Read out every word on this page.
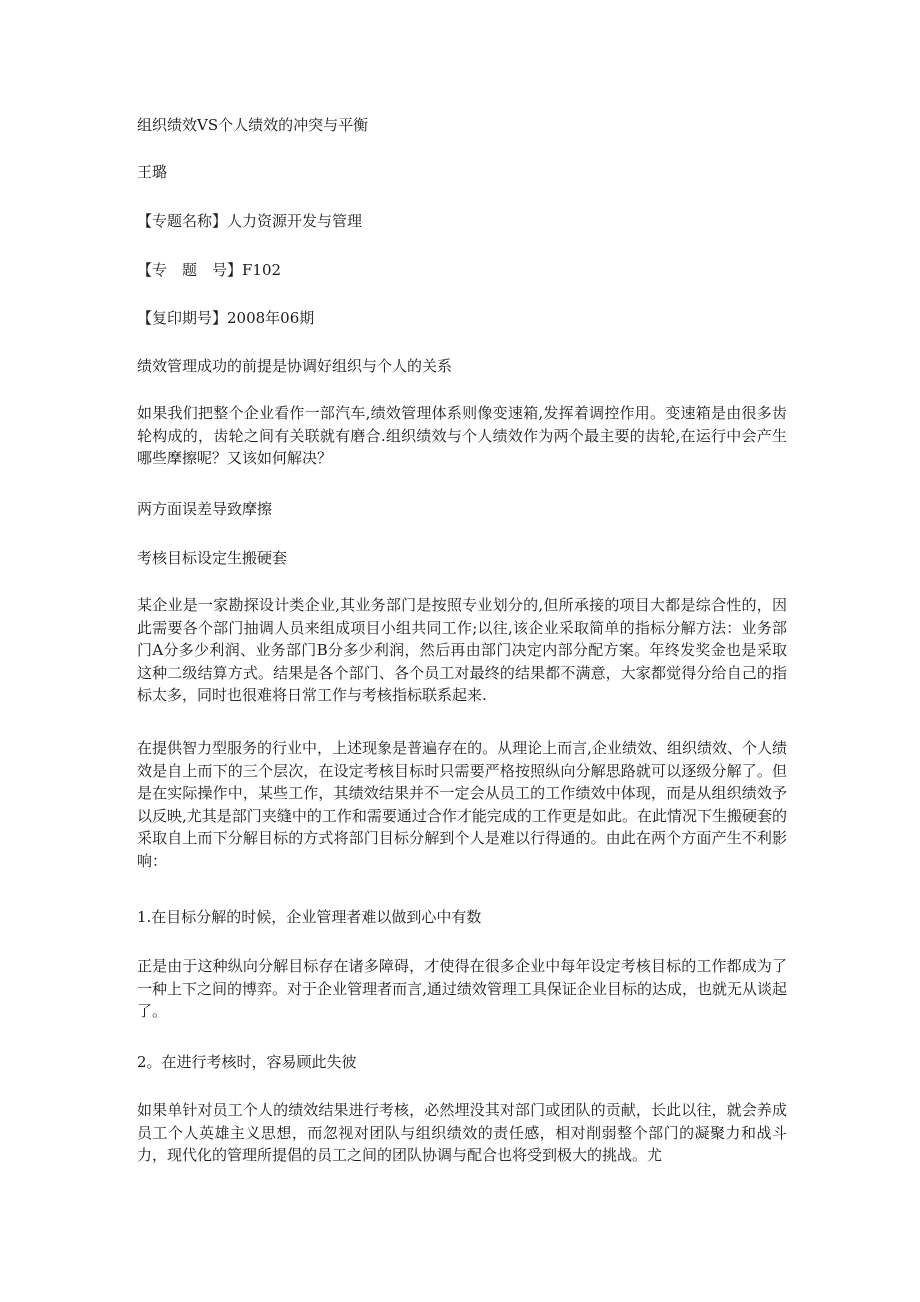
组织绩效VS个人绩效的冲突与平衡

王璐

【专题名称】人力资源开发与管理

【专　题　号】F102

【复印期号】2008年06期

绩效管理成功的前提是协调好组织与个人的关系

如果我们把整个企业看作一部汽车,绩效管理体系则像变速箱,发挥着调控作用。变速箱是由很多齿轮构成的，齿轮之间有关联就有磨合.组织绩效与个人绩效作为两个最主要的齿轮,在运行中会产生哪些摩擦呢？又该如何解决？

两方面误差导致摩擦

考核目标设定生搬硬套

某企业是一家勘探设计类企业,其业务部门是按照专业划分的,但所承接的项目大都是综合性的，因此需要各个部门抽调人员来组成项目小组共同工作;以往,该企业采取简单的指标分解方法：业务部门A分多少利润、业务部门B分多少利润，然后再由部门决定内部分配方案。年终发奖金也是采取这种二级结算方式。结果是各个部门、各个员工对最终的结果都不满意，大家都觉得分给自己的指标太多，同时也很难将日常工作与考核指标联系起来.

在提供智力型服务的行业中，上述现象是普遍存在的。从理论上而言,企业绩效、组织绩效、个人绩效是自上而下的三个层次，在设定考核目标时只需要严格按照纵向分解思路就可以逐级分解了。但是在实际操作中，某些工作，其绩效结果并不一定会从员工的工作绩效中体现，而是从组织绩效予以反映,尤其是部门夹缝中的工作和需要通过合作才能完成的工作更是如此。在此情况下生搬硬套的采取自上而下分解目标的方式将部门目标分解到个人是难以行得通的。由此在两个方面产生不利影响：

1.在目标分解的时候，企业管理者难以做到心中有数

正是由于这种纵向分解目标存在诸多障碍，才使得在很多企业中每年设定考核目标的工作都成为了一种上下之间的博弈。对于企业管理者而言,通过绩效管理工具保证企业目标的达成，也就无从谈起了。

2。在进行考核时，容易顾此失彼

如果单针对员工个人的绩效结果进行考核，必然埋没其对部门或团队的贡献，长此以往，就会养成员工个人英雄主义思想，而忽视对团队与组织绩效的责任感，相对削弱整个部门的凝聚力和战斗力，现代化的管理所提倡的员工之间的团队协调与配合也将受到极大的挑战。尤
